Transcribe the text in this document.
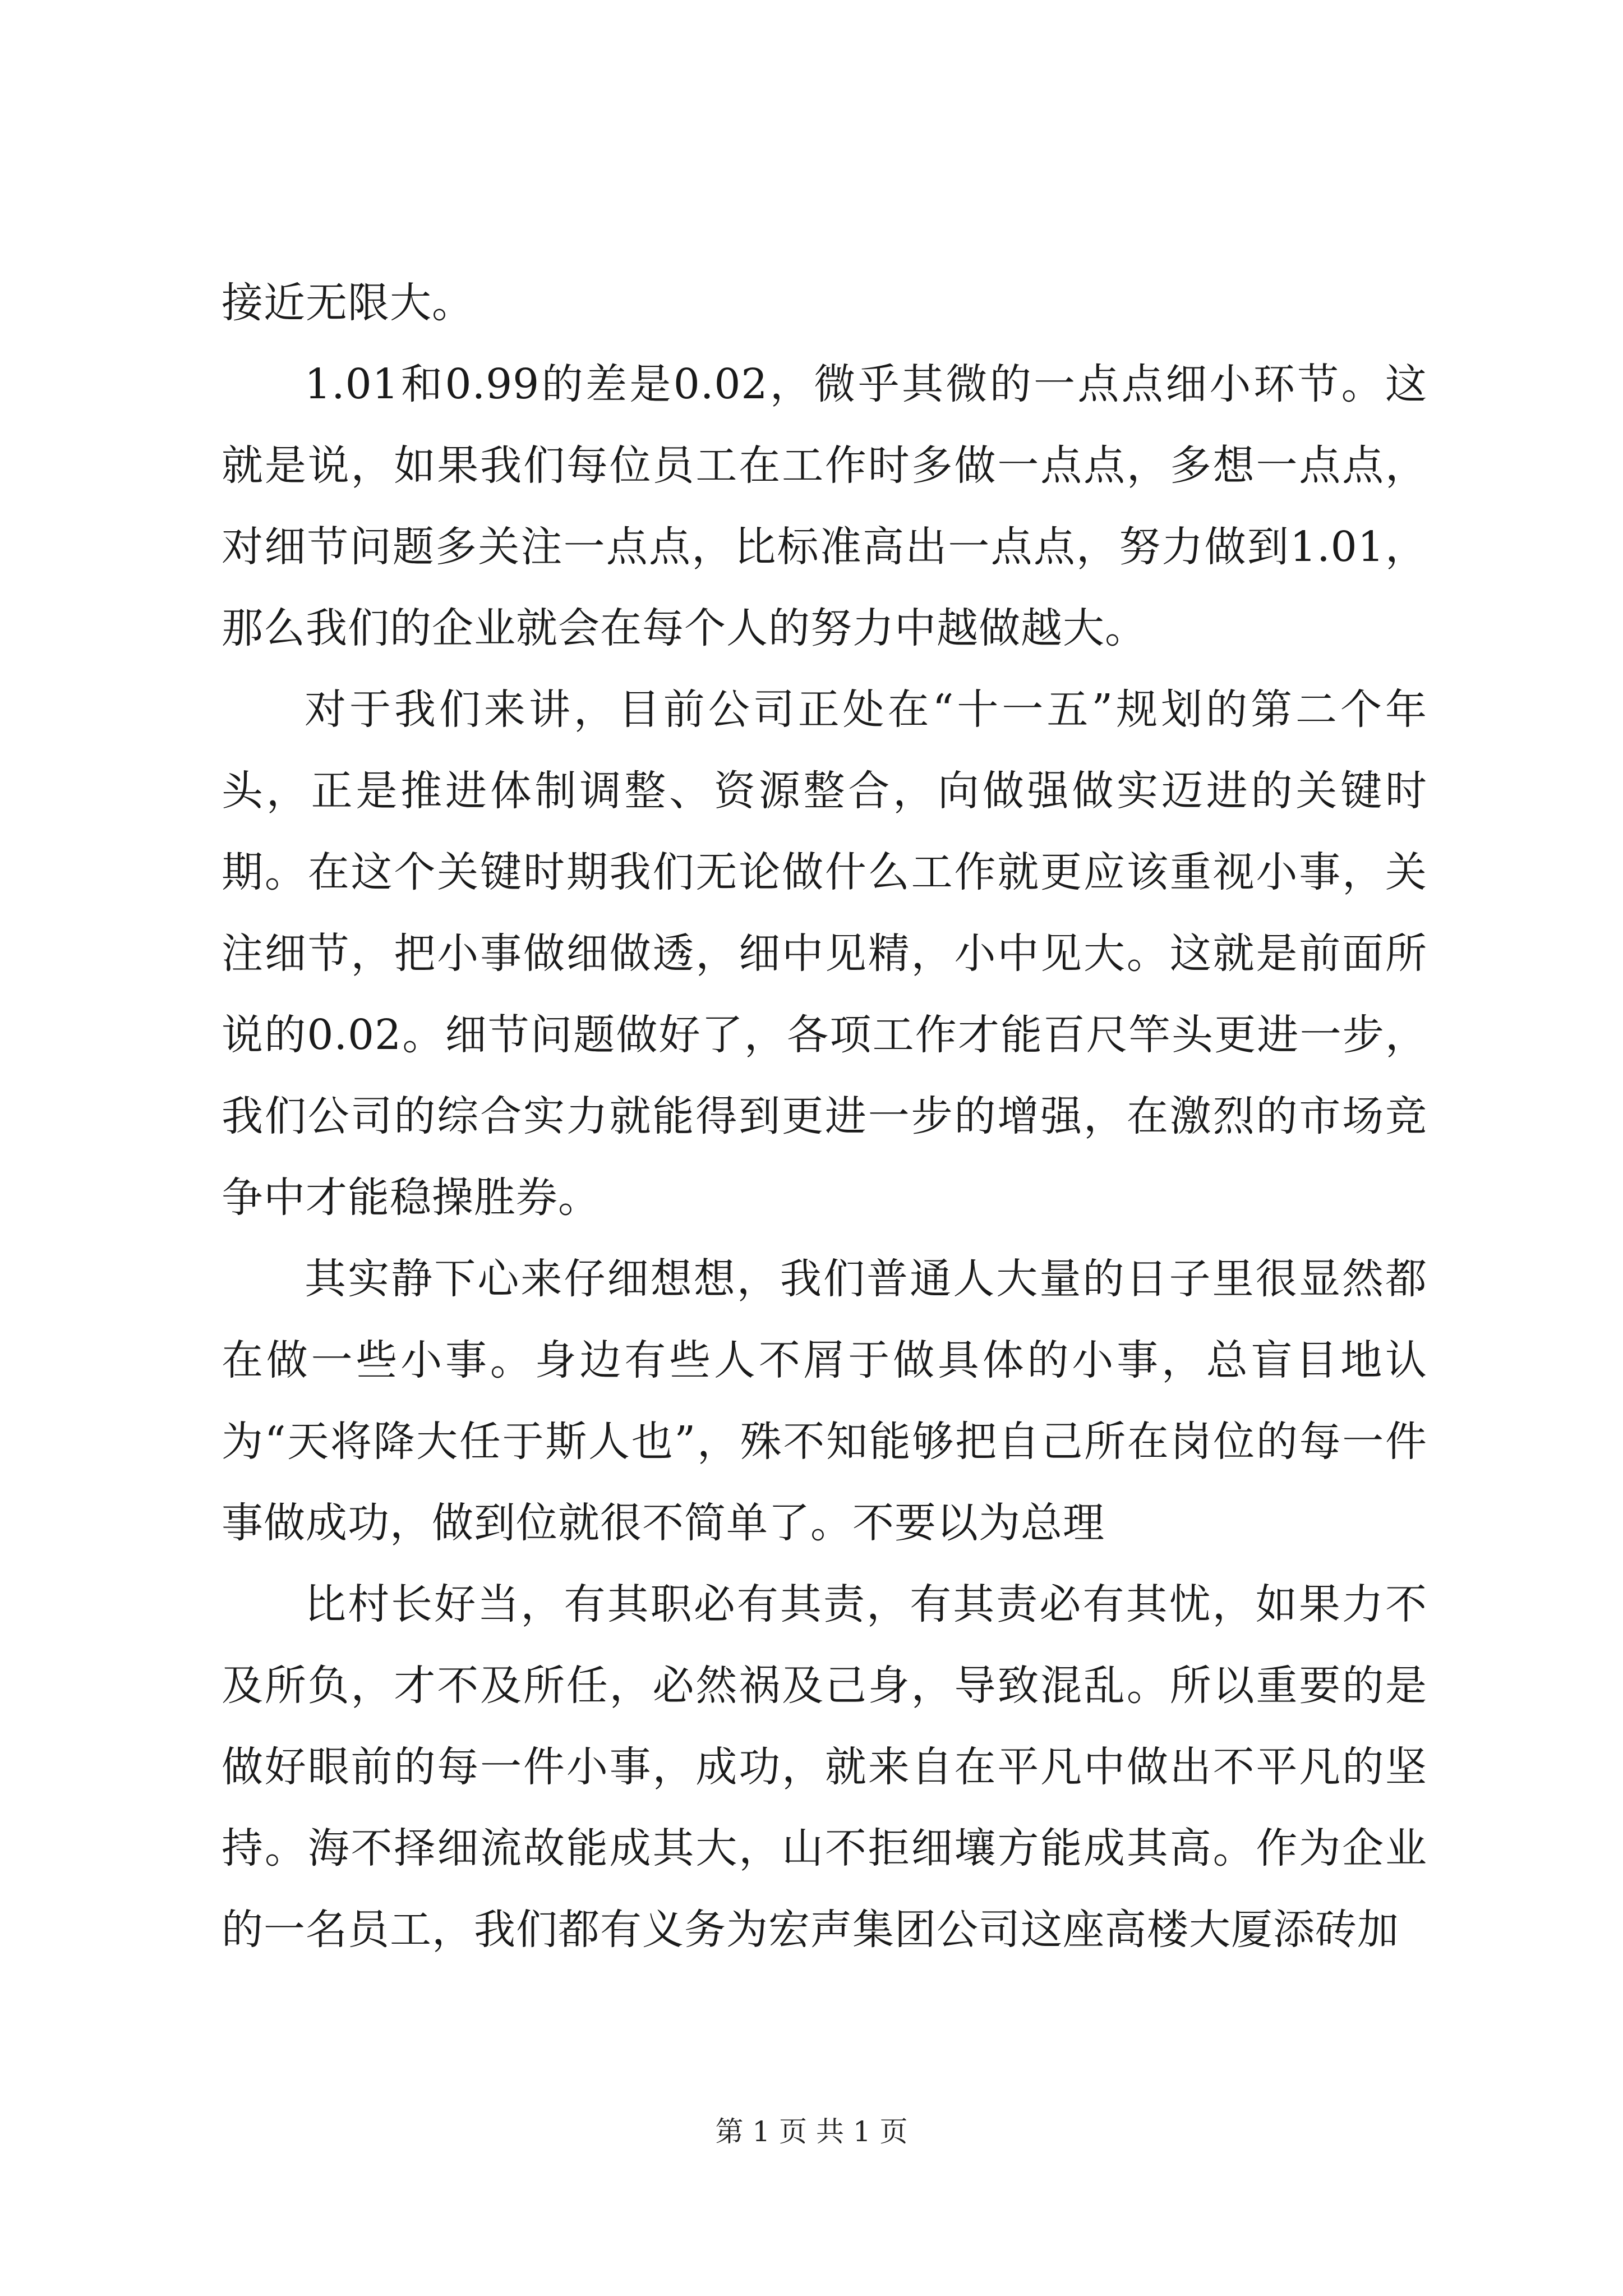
接近无限大。

1.01和0.99的差是0.02，微乎其微的一点点细小环节。这就是说，如果我们每位员工在工作时多做一点点，多想一点点，对细节问题多关注一点点，比标准高出一点点，努力做到1.01，那么我们的企业就会在每个人的努力中越做越大。

对于我们来讲，目前公司正处在“十一五”规划的第二个年头，正是推进体制调整、资源整合，向做强做实迈进的关键时期。在这个关键时期我们无论做什么工作就更应该重视小事，关注细节，把小事做细做透，细中见精，小中见大。这就是前面所说的0.02。细节问题做好了，各项工作才能百尺竿头更进一步，我们公司的综合实力就能得到更进一步的增强，在激烈的市场竞争中才能稳操胜券。

其实静下心来仔细想想，我们普通人大量的日子里很显然都在做一些小事。身边有些人不屑于做具体的小事，总盲目地认为“天将降大任于斯人也”，殊不知能够把自己所在岗位的每一件事做成功，做到位就很不简单了。不要以为总理

比村长好当，有其职必有其责，有其责必有其忧，如果力不及所负，才不及所任，必然祸及己身，导致混乱。所以重要的是做好眼前的每一件小事，成功，就来自在平凡中做出不平凡的坚持。海不择细流故能成其大，山不拒细壤方能成其高。作为企业的一名员工，我们都有义务为宏声集团公司这座高楼大厦添砖加

第 1 页 共 1 页
